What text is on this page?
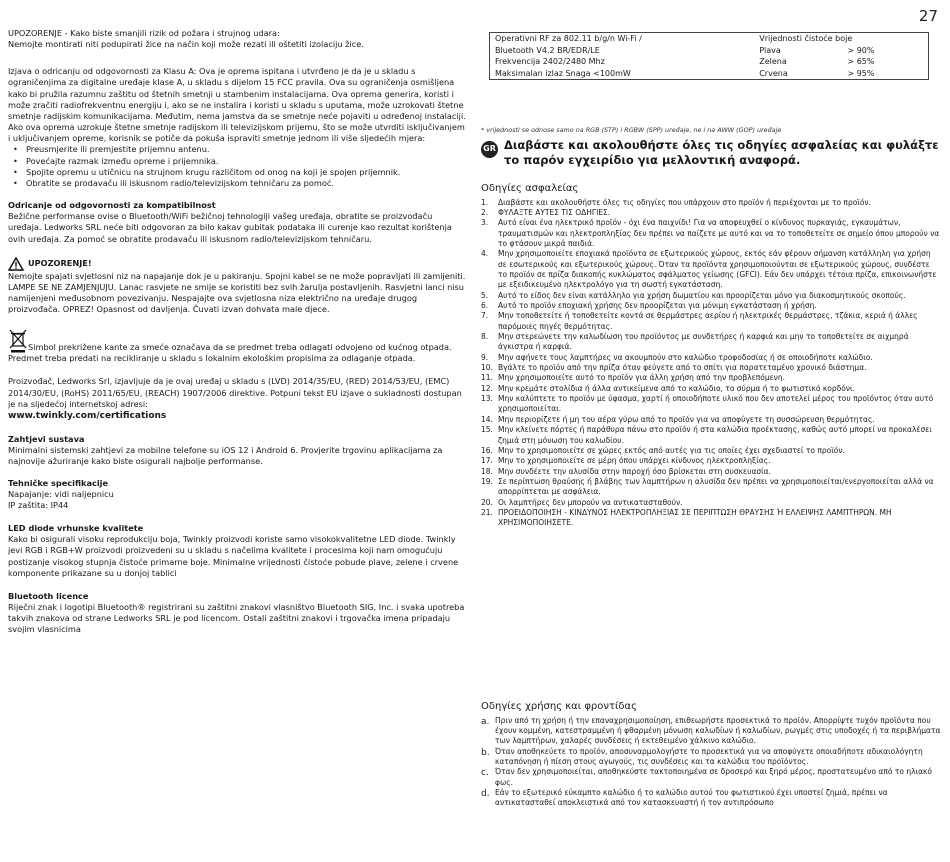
27

UPOZORENJE - Kako biste smanjili rizik od požara i strujnog udara:

Nemojte montirati niti podupirati žice na način koji može rezati ili oštetiti izolaciju žice.

Izjava o odricanju od odgovornosti za Klasu A: Ova je oprema ispitana i utvrđeno je da je u skladu s ograničenjima za digitalne uređaje klase A, u skladu s dijelom 15 FCC pravila. Ova su ograničenja osmišljena kako bi pružila razumnu zaštitu od štetnih smetnji u stambenim instalacijama. Ova oprema generira, koristi i može zračiti radiofrekventnu energiju i, ako se ne instalira i koristi u skladu s uputama, može uzrokovati štetne smetnje radijskim komunikacijama. Međutim, nema jamstva da se smetnje neće pojaviti u određenoj instalaciji. Ako ova oprema uzrokuje štetne smetnje radijskom ili televizijskom prijemu, što se može utvrditi isključivanjem i uključivanjem opreme, korisnik se potiče da pokuša ispraviti smetnje jednom ili više sljedećih mjera:

• Preusmjerite ili premjestite prijemnu antenu.
• Povećajte razmak između opreme i prijemnika.
• Spojite opremu u utičnicu na strujnom krugu različitom od onog na koji je spojen prijemnik.
• Obratite se prodavaču ili iskusnom radio/televizijskom tehničaru za pomoć.

Odricanje od odgovornosti za kompatibilnost

Bežične performanse ovise o Bluetooth/WiFi bežičnoj tehnologiji vašeg uređaja, obratite se proizvođaču uređaja. Ledworks SRL neće biti odgovoran za bilo kakav gubitak podataka ili curenje kao rezultat korištenja ovih uređaja. Za pomoć se obratite prodavaču ili iskusnom radio/televizijskom tehničaru.

UPOZORENJE!

Nemojte spajati svjetlosni niz na napajanje dok je u pakiranju. Spojni kabel se ne može popravljati ili zamijeniti. LAMPE SE NE ZAMJENJUJU. Lanac rasvjete ne smije se koristiti bez svih žarulja postavljenih. Rasvjetni lanci nisu namijenjeni međusobnom povezivanju. Nespajajte ova svjetlosna niza električno na uređaje drugog proizvođača. OPREZ! Opasnost od davljenja. Čuvati izvan dohvata male djece.

Simbol prekrižene kante za smeće označava da se predmet treba odlagati odvojeno od kućnog otpada. Predmet treba predati na recikliranje u skladu s lokalnim ekološkim propisima za odlaganje otpada.

Proizvođač, Ledworks Srl, izjavljuje da je ovaj uređaj u skladu s (LVD) 2014/35/EU, (RED) 2014/53/EU, (EMC) 2014/30/EU, (RoHS) 2011/65/EU, (REACH) 1907/2006 direktive. Potpuni tekst EU izjave o sukladnosti dostupan je na sljedećoj internetskoj adresi:

www.twinkly.com/certifications

Zahtjevi sustava

Minimalni sistemski zahtjevi za mobilne telefone su iOS 12 i Android 6. Provjerite trgovinu aplikacijama za najnovije ažuriranje kako biste osigurali najbolje performanse.

Tehničke specifikacije

Napajanje: vidi naljepnicu

IP zaštita: IP44

LED diode vrhunske kvalitete

Kako bi osigurali visoku reprodukciju boja, Twinkly proizvodi koriste samo visokokvalitetne LED diode. Twinkly jevi RGB i RGB+W proizvodi proizvedeni su u skladu s načelima kvalitete i procesima koji nam omogućuju postizanje visokog stupnja čistoće primarne boje. Minimalne vrijednosti čistoće pobude plave, zelene i crvene komponente prikazane su u donjoj tablici

Bluetooth licence

Riječni znak i logotipi Bluetooth® registrirani su zaštitni znakovi vlasništvo Bluetooth SIG, Inc. i svaka upotreba takvih znakova od strane Ledworks SRL je pod licencom. Ostali zaštitni znakovi i trgovačka imena pripadaju svojim vlasnicima

Operativni RF za 802.11 b/g/n Wi-Fi /	Vrijednosti čistoće boje	
Bluetooth V4.2 BR/EDR/LE	Plava	> 90%
Frekvencija 2402/2480 Mhz	Zelena	> 65%
Maksimalan izlaz Snaga <100mW	Crvena	> 95%

* vrijednosti se odnose samo na RGB (STP) i RGBW (SPP) uređaje, ne i na AWW (GOP) uređaje

GR Διαβάστε και ακολουθήστε όλες τις οδηγίες ασφαλείας και φυλάξτε το παρόν εγχειρίδιο για μελλοντική αναφορά.

Οδηγίες ασφαλείας

1.	Διαβάστε και ακολουθήστε όλες τις οδηγίες που υπάρχουν στο προϊόν ή περιέχονται με το προϊόν.
2.	ΦΥΛΑΞΤΕ ΑΥΤΕΣ ΤΙΣ ΟΔΗΓΙΕΣ.
3.	Αυτό είναι ένα ηλεκτρικό προϊόν - όχι ένα παιχνίδι! Για να αποφευχθεί ο κίνδυνος πυρκαγιάς, εγκαυμάτων, τραυματισμών και ηλεκτροπληξίας δεν πρέπει να παίζετε με αυτό και να το τοποθετείτε σε σημείο όπου μπορούν να το φτάσουν μικρά παιδιά.
4.	Μην χρησιμοποιείτε εποχιακά προϊόντα σε εξωτερικούς χώρους, εκτός εάν φέρουν σήμανση κατάλληλη για χρήση σε εσωτερικούς και εξωτερικούς χώρους. Όταν τα προϊόντα χρησιμοποιούνται σε εξωτερικούς χώρους, συνδέστε το προϊόν σε πρίζα διακοπής κυκλώματος σφάλματος γείωσης (GFCI). Εάν δεν υπάρχει τέτοια πρίζα, επικοινωνήστε με εξειδικευμένο ηλεκτρολόγο για τη σωστή εγκατάσταση.
5.	Αυτό το είδος δεν είναι κατάλληλο για χρήση δωματίου και προορίζεται μόνο για διακοσμητικούς σκοπούς.
6.	Αυτό το προϊόν εποχιακή χρήσης δεν προορίζεται για μόνιμη εγκατάσταση ή χρήση.
7.	Μην τοποθετείτε ή τοποθετείτε κοντά σε θερμάστρες αερίου ή ηλεκτρικές θερμάστρες, τζάκια, κεριά ή άλλες παρόμοιες πηγές θερμότητας.
8.	Μην στερεώνετε την καλωδίωση του προϊόντος με συνδετήρες ή καρφιά και μην το τοποθετείτε σε αιχμηρά άγκιστρα ή καρφιά.
9.	Μην αφήνετε τους λαμπτήρες να ακουμπούν στο καλώδιο τροφοδοσίας ή σε οποιοδήποτε καλώδιο.
10. Βγάλτε το προϊόν από την πρίζα όταν φεύγετε από το σπίτι για παρατεταμένο χρονικό διάστημα.
11. Μην χρησιμοποιείτε αυτό το προϊόν για άλλη χρήση από την προβλεπόμενη.
12. Μην κρεμάτε στολίδια ή άλλα αντικείμενα από το καλώδιο, το σύρμα ή το φωτιστικό κορδόνι.
13. Μην καλύπτετε το προϊόν με ύφασμα, χαρτί ή οποιοδήποτε υλικό που δεν αποτελεί μέρος του προϊόντος όταν αυτό χρησιμοποιείται.
14. Μην περιορίζετε ή μη του αέρα γύρω από το προϊόν για να αποφύγετε τη συσσώρευση θερμότητας.
15. Μην κλείνετε πόρτες ή παράθυρα πάνω στο προϊόν ή στα καλώδια προέκτασης, καθώς αυτό μπορεί να προκαλέσει ζημιά στη μόνωση του καλωδίου.
16. Μην το χρησιμοποιείτε σε χώρες εκτός από αυτές για τις οποίες έχει σχεδιαστεί το προϊόν.
17. Μην το χρησιμοποιείτε σε μέρη όπου υπάρχει κίνδυνος ηλεκτροπληξίας.
18. Μην συνδέετε την αλυσίδα στην παροχή όσο βρίσκεται στη συσκευασία.
19. Σε περίπτωση θραύσης ή βλάβης των λαμπτήρων η αλυσίδα δεν πρέπει να χρησιμοποιείται/ενεργοποιείται αλλά να απορρίπτεται με ασφάλεια.
20. Οι λαμπτήρες δεν μπορούν να αντικατασταθούν.
21. ΠΡΟΕΙΔΟΠΟΙΗΣΗ - ΚΙΝΔΥΝΟΣ ΗΛΕΚΤΡΟΠΛΗΞΙΑΣ ΣΕ ΠΕΡΙΠΤΩΣΗ ΘΡΑΥΣΗΣ Ή ΕΛΛΕΙΨΗΣ ΛΑΜΠΤΗΡΩΝ. ΜΗ ΧΡΗΣΙΜΟΠΟΙΗΣΕΤΕ.

Οδηγίες χρήσης και φροντίδας

a. Πριν από τη χρήση ή την επαναχρησιμοποίηση, επιθεωρήστε προσεκτικά το προϊόν. Απορρίψτε τυχόν προϊόντα που έχουν κομμένη, κατεστραμμένη ή φθαρμένη μόνωση καλωδίων ή καλωδίων, ρωγμές στις υποδοχές ή τα περιβλήματα των λαμπτήρων, χαλαρές συνδέσεις ή εκτεθειμένο χάλκινο καλώδιο.
b. Όταν αποθηκεύετε το προϊόν, αποσυναρμολογήστε το προσεκτικά για να αποφύγετε οποιαδήποτε αδικαιολόγητη καταπόνηση ή πίεση στους αγωγούς, τις συνδέσεις και τα καλώδια του προϊόντος.
c. Όταν δεν χρησιμοποιείται, αποθηκεύστε τακτοποιημένα σε δροσερό και ξηρό μέρος, προστατευμένο από το ηλιακό φως.
d. Εάν το εξωτερικό εύκαμπτο καλώδιο ή το καλώδιο αυτού του φωτιστικού έχει υποστεί ζημιά, πρέπει να αντικατασταθεί αποκλειστικά από τον κατασκευαστή ή τον αντιπρόσωπο
